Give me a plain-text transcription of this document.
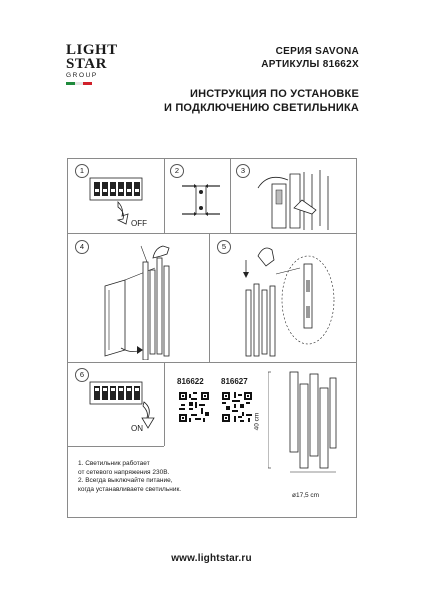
LIGHT
STAR
GROUP
СЕРИЯ SAVONA
АРТИКУЛЫ 81662X
ИНСТРУКЦИЯ ПО УСТАНОВКЕ
И ПОДКЛЮЧЕНИЮ СВЕТИЛЬНИКА
1	2	3
4	5
6
OFF
ON
816622 816627
40 cm
ø17,5 cm
1. Светильник работает
от сетевого напряжения 230В.
2. Всегда выключайте питание,
когда устанавливаете светильник.
www.lightstar.ru
